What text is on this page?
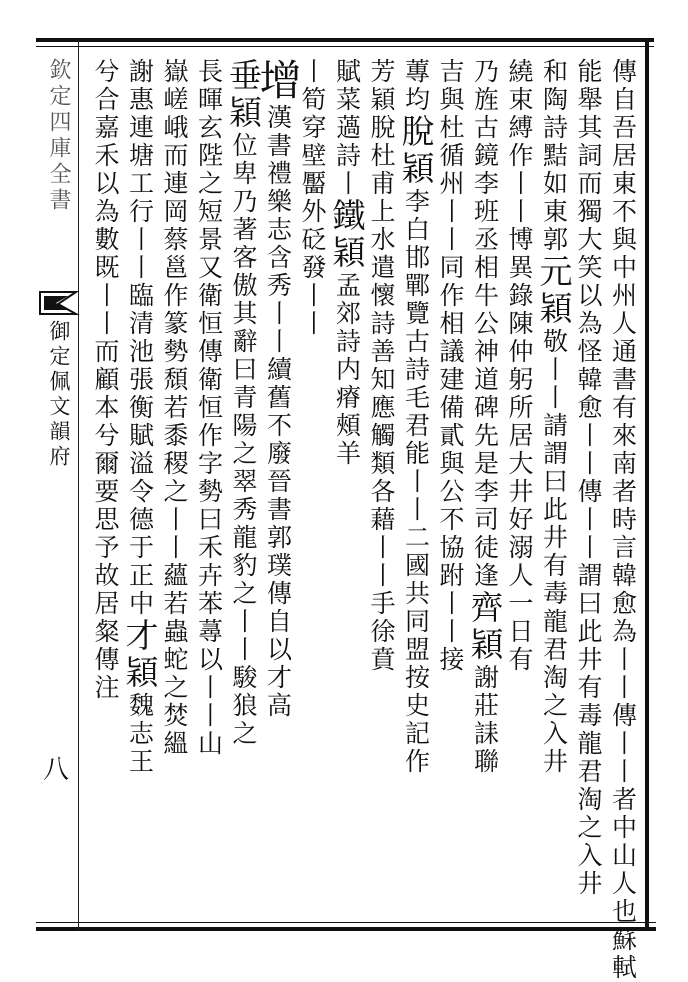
欽定四庫全書
御定佩文韻府
八	傳自吾居東不與中州人通書有來南者時言韓愈為丨丨傳丨丨者中山人也蘇軾
能舉其詞而獨大笑以為怪韓愈丨丨傳丨丨謂曰此井有毒龍君淘之入井
和陶詩黠如東郭元穎敬丨丨請謂曰此井有毒龍君淘之入井
繞束縛作丨丨博異錄陳仲躬所居大井好溺人一日有
乃旌古鏡李班丞相牛公神道碑先是李司徒逢齊穎謝莊誄聯
吉與杜循州丨丨同作相議建備貳與公不協跗丨丨接
蓴均脫穎李白邯鄲覽古詩毛君能丨丨二國共同盟按史記作
芳穎脫杜甫上水遣懷詩善知應觸類各藉丨丨手徐賁
賦菜薖詩丨鐵穎孟郊詩内瘠頰羊
丨筍穿壁靨外砭發丨丨
增漢書禮樂志含秀丨丨續舊不廢晉書郭璞傳自以才高
垂穎位卑乃著客傲其辭曰青陽之翠秀龍豹之丨丨駿狼之
長暉玄陛之短景又衛恒傳衛恒作字勢曰禾卉苯蕁以丨丨山
嶽嵯峨而連岡蔡邕作篆勢頹若黍稷之丨丨蘊若蟲蛇之焚縕
謝惠連塘工行丨丨臨清池張衡賦溢令德于正中才穎魏志王
兮合嘉禾以為數既丨丨而顧本兮爾要思予故居粲傳注
